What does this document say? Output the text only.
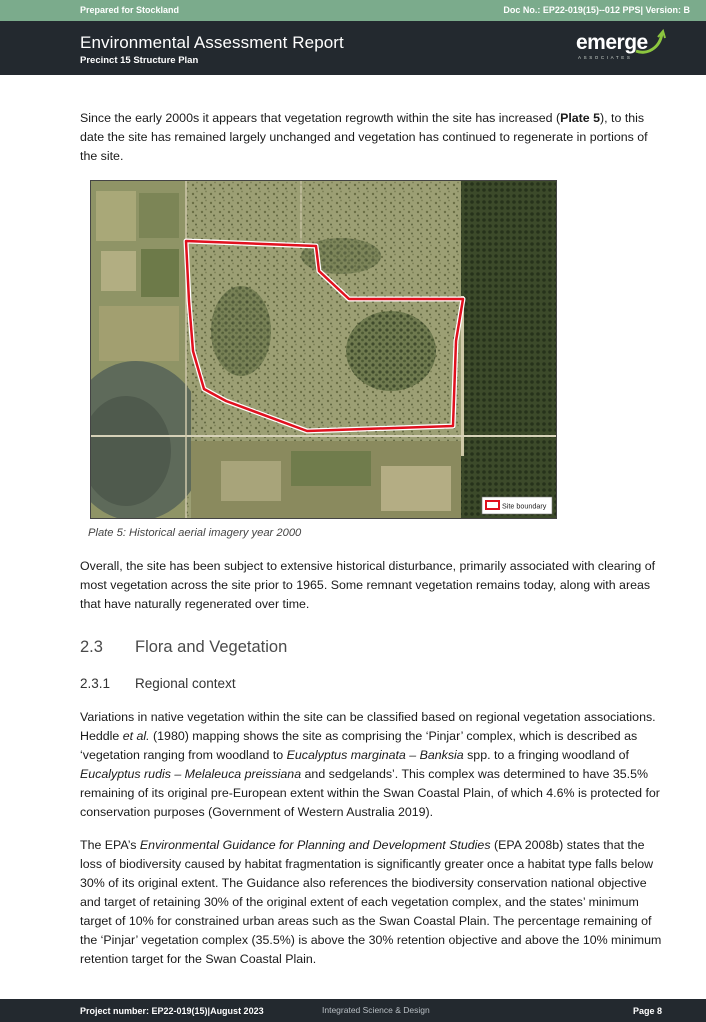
Prepared for Stockland	Doc No.: EP22-019(15)--012 PPS| Version: B
Environmental Assessment Report
Precinct 15 Structure Plan
emerge
ASSOCIATES

Since the early 2000s it appears that vegetation regrowth within the site has increased (Plate 5), to this date the site has remained largely unchanged and vegetation has continued to regenerate in portions of the site.

Site boundary
Plate 5: Historical aerial imagery year 2000

Overall, the site has been subject to extensive historical disturbance, primarily associated with clearing of most vegetation across the site prior to 1965. Some remnant vegetation remains today, along with areas that have naturally regenerated over time.

2.3 Flora and Vegetation
2.3.1 Regional context

Variations in native vegetation within the site can be classified based on regional vegetation associations. Heddle et al. (1980) mapping shows the site as comprising the ‘Pinjar’ complex, which is described as ‘vegetation ranging from woodland to Eucalyptus marginata – Banksia spp. to a fringing woodland of Eucalyptus rudis – Melaleuca preissiana and sedgelands’. This complex was determined to have 35.5% remaining of its original pre-European extent within the Swan Coastal Plain, of which 4.6% is protected for conservation purposes (Government of Western Australia 2019).

The EPA’s Environmental Guidance for Planning and Development Studies (EPA 2008b) states that the loss of biodiversity caused by habitat fragmentation is significantly greater once a habitat type falls below 30% of its original extent. The Guidance also references the biodiversity conservation national objective and target of retaining 30% of the original extent of each vegetation complex, and the states’ minimum target of 10% for constrained urban areas such as the Swan Coastal Plain. The percentage remaining of the ‘Pinjar’ vegetation complex (35.5%) is above the 30% retention objective and above the 10% minimum retention target for the Swan Coastal Plain.

Project number: EP22-019(15)|August 2023	Integrated Science & Design	Page 8
